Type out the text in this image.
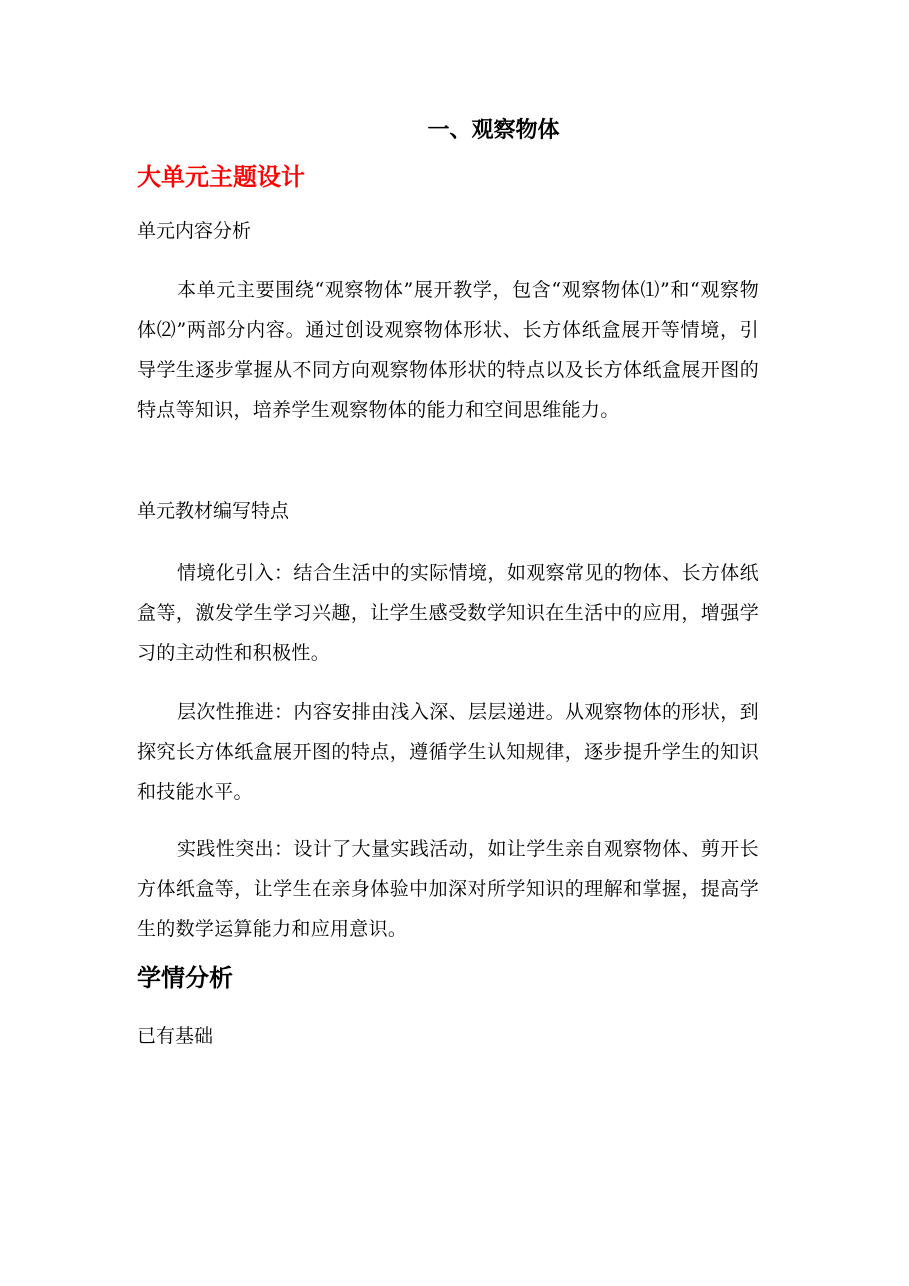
一、观察物体
大单元主题设计
单元内容分析
本单元主要围绕“观察物体”展开教学，包含“观察物体⑴”和“观察物体⑵”两部分内容。通过创设观察物体形状、长方体纸盒展开等情境，引导学生逐步掌握从不同方向观察物体形状的特点以及长方体纸盒展开图的特点等知识，培养学生观察物体的能力和空间思维能力。
单元教材编写特点
情境化引入：结合生活中的实际情境，如观察常见的物体、长方体纸盒等，激发学生学习兴趣，让学生感受数学知识在生活中的应用，增强学习的主动性和积极性。
层次性推进：内容安排由浅入深、层层递进。从观察物体的形状，到探究长方体纸盒展开图的特点，遵循学生认知规律，逐步提升学生的知识和技能水平。
实践性突出：设计了大量实践活动，如让学生亲自观察物体、剪开长方体纸盒等，让学生在亲身体验中加深对所学知识的理解和掌握，提高学生的数学运算能力和应用意识。
学情分析
已有基础
